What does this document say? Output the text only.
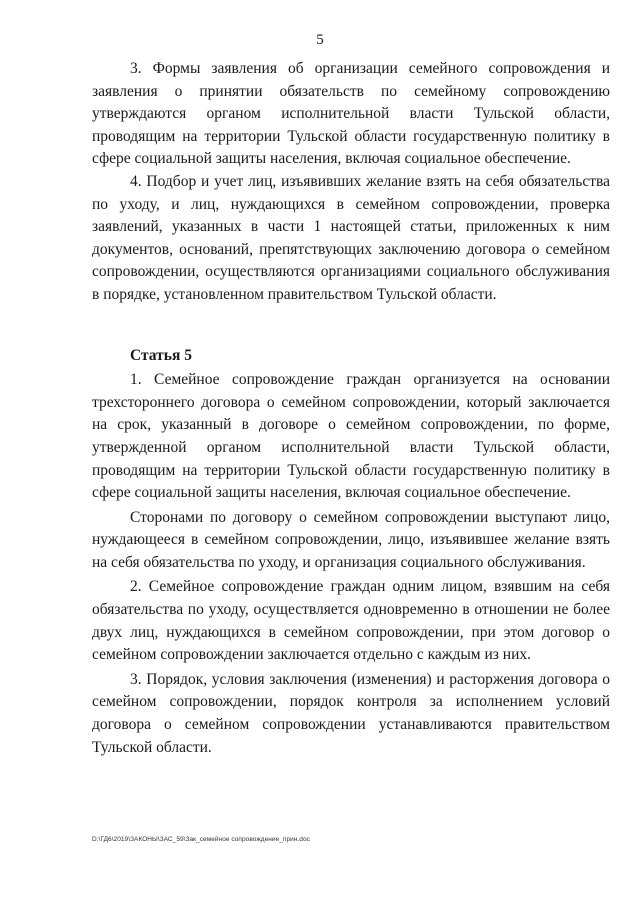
5

3. Формы заявления об организации семейного сопровождения и заявления о принятии обязательств по семейному сопровождению утверждаются органом исполнительной власти Тульской области, проводящим на территории Тульской области государственную политику в сфере социальной защиты населения, включая социальное обеспечение.

4. Подбор и учет лиц, изъявивших желание взять на себя обязательства по уходу, и лиц, нуждающихся в семейном сопровождении, проверка заявлений, указанных в части 1 настоящей статьи, приложенных к ним документов, оснований, препятствующих заключению договора о семейном сопровождении, осуществляются организациями социального обслуживания в порядке, установленном правительством Тульской области.

Статья 5

1. Семейное сопровождение граждан организуется на основании трехстороннего договора о семейном сопровождении, который заключается на срок, указанный в договоре о семейном сопровождении, по форме, утвержденной органом исполнительной власти Тульской области, проводящим на территории Тульской области государственную политику в сфере социальной защиты населения, включая социальное обеспечение.

Сторонами по договору о семейном сопровождении выступают лицо, нуждающееся в семейном сопровождении, лицо, изъявившее желание взять на себя обязательства по уходу, и организация социального обслуживания.

2. Семейное сопровождение граждан одним лицом, взявшим на себя обязательства по уходу, осуществляется одновременно в отношении не более двух лиц, нуждающихся в семейном сопровождении, при этом договор о семейном сопровождении заключается отдельно с каждым из них.

3. Порядок, условия заключения (изменения) и расторжения договора о семейном сопровождении, порядок контроля за исполнением условий договора о семейном сопровождении устанавливаются правительством Тульской области.

D:\ГД6\2019\ЗАКОНЫ\ЗАС_59\Зак_семейное сопровождение_прин.doc
